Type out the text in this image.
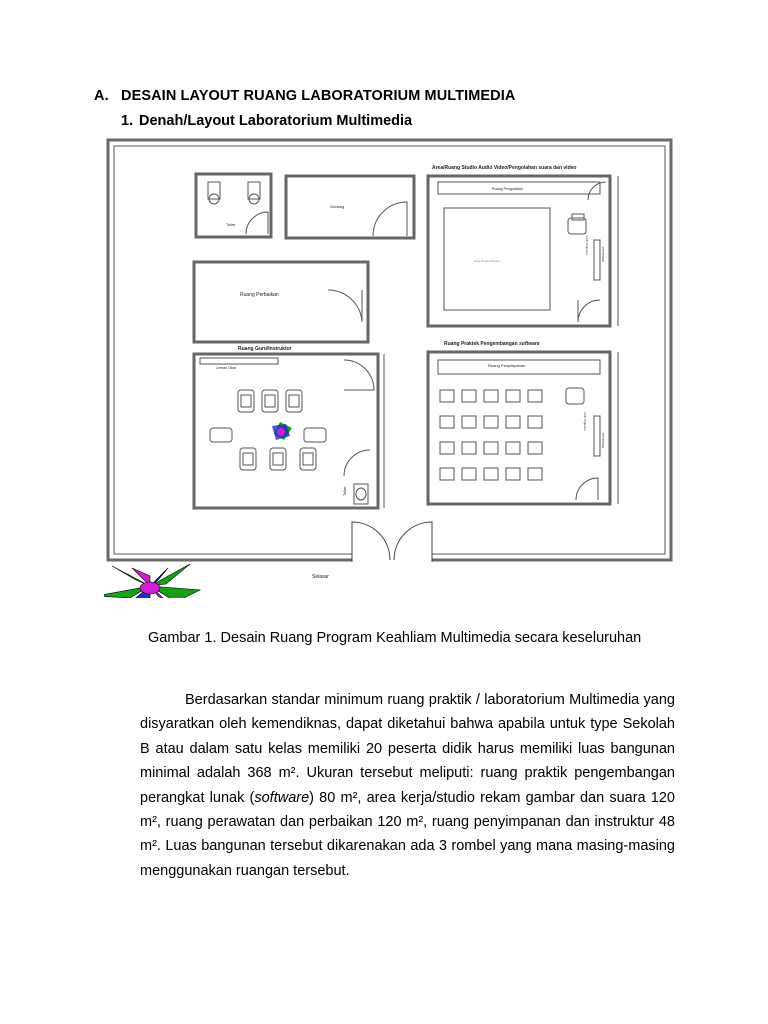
A. DESAIN LAYOUT RUANG LABORATORIUM MULTIMEDIA
1. Denah/Layout Laboratorium Multimedia
Toilet
Gudang
Area/Ruang Studio Audio Video/Pengolahan suara dan video
Ruang Pengolahan
Area Studio Rekam
Ruang Perbaikan
Ruang Guru/Instruktur
Lemari Obat
Ruang Praktek Pengembangan software
Ruang Penyimpanan
Toilet
LCD Projector	Whiteboard
LCD Projector
Whiteboard
Selasar
Gambar 1. Desain Ruang Program Keahliam Multimedia secara keseluruhan
Berdasarkan standar minimum ruang praktik / laboratorium Multimedia yang disyaratkan oleh kemendiknas, dapat diketahui bahwa apabila untuk type Sekolah B atau dalam satu kelas memiliki 20 peserta didik harus memiliki luas bangunan minimal adalah 368 m². Ukuran tersebut meliputi: ruang praktik pengembangan perangkat lunak (software) 80 m², area kerja/studio rekam gambar dan suara 120 m², ruang perawatan dan perbaikan 120 m², ruang penyimpanan dan instruktur 48 m². Luas bangunan tersebut dikarenakan ada 3 rombel yang mana masing-masing menggunakan ruangan tersebut.
